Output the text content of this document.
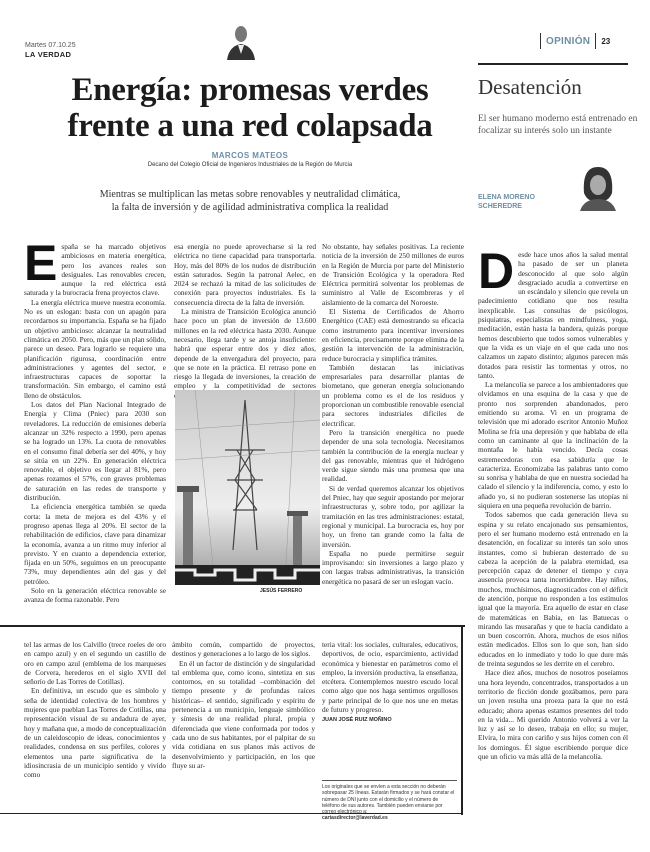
Martes 07.10.25
LA VERDAD
OPINIÓN 23
Energía: promesas verdes
frente a una red colapsada
MARCOS MATEOS
Decano del Colegio Oficial de Ingenieros Industriales de la Región de Murcia
Mientras se multiplican las metas sobre renovables y neutralidad climática,
la falta de inversión y de agilidad administrativa complica la realidad

España se ha marcado objetivos ambiciosos en materia energética, pero los avances reales son desiguales. Las renovables crecen, aunque la red eléctrica está saturada y la burocracia frena proyectos clave.

La energía eléctrica mueve nuestra economía. No es un eslogan: basta con un apagón para recordarnos su importancia. España se ha fijado un objetivo ambicioso: alcanzar la neutralidad climática en 2050. Pero, más que un plan sólido, parece un deseo. Para lograrlo se requiere una planificación rigurosa, coordinación entre administraciones y agentes del sector, e infraestructuras capaces de soportar la transformación. Sin embargo, el camino está lleno de obstáculos.

Los datos del Plan Nacional Integrado de Energía y Clima (Pniec) para 2030 son reveladores. La reducción de emisiones debería alcanzar un 32% respecto a 1990, pero apenas se ha logrado un 13%. La cuota de renovables en el consumo final debería ser del 40%, y hoy se sitúa en un 22%. En generación eléctrica renovable, el objetivo es llegar al 81%, pero apenas rozamos el 57%, con graves problemas de saturación en las redes de transporte y distribución.

La eficiencia energética también se queda corta: la meta de mejora es del 43% y el progreso apenas llega al 20%. El sector de la rehabilitación de edificios, clave para dinamizar la economía, avanza a un ritmo muy inferior al previsto. Y en cuanto a dependencia exterior, fijada en un 50%, seguimos en un preocupante 73%, muy dependientes aún del gas y del petróleo.

Solo en la generación eléctrica renovable se avanza de forma razonable. Pero

esa energía no puede aprovecharse si la red eléctrica no tiene capacidad para transportarla. Hoy, más del 80% de los nudos de distribución están saturados. Según la patronal Aelec, en 2024 se rechazó la mitad de las solicitudes de conexión para proyectos industriales. Es la consecuencia directa de la falta de inversión.

La ministra de Transición Ecológica anunció hace poco un plan de inversión de 13.600 millones en la red eléctrica hasta 2030. Aunque necesario, llega tarde y se antoja insuficiente: habrá que esperar entre dos y diez años, depende de la envergadura del proyecto, para que se note en la práctica. El retraso pone en riesgo la llegada de inversiones, la creación de empleo y la competitividad de sectores

JESÚS FERRERO

No obstante, hay señales positivas. La reciente noticia de la inversión de 250 millones de euros en la Región de Murcia por parte del Ministerio de Transición Ecológica y la operadora Red Eléctrica permitirá solventar los problemas de suministro al Valle de Escombreras y el aislamiento de la comarca del Noroeste.

El Sistema de Certificados de Ahorro Energético (CAE) está demostrando su eficacia como instrumento para incentivar inversiones en eficiencia, precisamente porque elimina de la gestión la intervención de la administración, reduce burocracia y simplifica trámites.

También destacan las iniciativas empresariales para desarrollar plantas de biometano, que generan energía solucionando un problema como es el de los residuos y proporcionan un combustible renovable esencial para sectores industriales difíciles de electrificar.

Pero la transición energética no puede depender de una sola tecnología. Necesitamos también la contribución de la energía nuclear y del gas renovable, mientras que el hidrógeno verde sigue siendo más una promesa que una realidad.

Si de verdad queremos alcanzar los objetivos del Pniec, hay que seguir apostando por mejorar infraestructuras y, sobre todo, por agilizar la tramitación en las tres administraciones: estatal, regional y municipal. La burocracia es, hoy por hoy, un freno tan grande como la falta de inversión.

España no puede permitirse seguir improvisando: sin inversiones a largo plazo y con largas trabas administrativas, la transición energética no pasará de ser un eslogan vacío.

Desatención
El ser humano moderno está entrenado en focalizar su interés solo un instante
ELENA MORENO
SCHEREDRE

Desde hace unos años la salud mental ha pasado de ser un planeta desconocido al que solo algún desgraciado acudía a convertirse en un escándalo y silencio que revela un padecimiento cotidiano que nos resulta inexplicable. Las consultas de psicólogos, psiquiatras, especialistas en mindfulness, yoga, meditación, están hasta la bandera, quizás porque hemos descubierto que todos somos vulnerables y que la vida es un viaje en el que cada uno nos calzamos un zapato distinto; algunos parecen más dotados para resistir las tormentas y otros, no tanto.

La melancolía se parece a los ambientadores que olvidamos en una esquina de la casa y que de pronto nos sorprenden abandonados, pero emitiendo su aroma. Vi en un programa de televisión que mi adorado escritor Antonio Muñoz Molina se fría una depresión y que hablaba de ella como un caminante al que la inclinación de la montaña le había vencido. Decía cosas estremecedoras con esa sabiduría que le caracteriza. Economizaba las palabras tanto como su sonrisa y hablaba de que en nuestra sociedad ha calado el silencio y la indiferencia, como, y esto lo añado yo, si no pudieran sostenerse las utopías ni siquiera en una pequeña revolución de barrio.

Todos sabemos que cada generación lleva su espina y su relato encajonado sus pensamientos, pero el ser humano moderno está entrenado en la desatención, en focalizar su interés tan solo unos instantes, como si hubieran desterrado de su cabeza la acepción de la palabra eternidad, esa percepción capaz de detener el tiempo y cuya ausencia provoca tanta incertidumbre. Hay niños, muchos, muchísimos, diagnosticados con el déficit de atención, porque no responden a los estímulos igual que la mayoría. Era aquello de estar en clase de matemáticas en Babia, en las Batuecas o mirando las musarañas y que te hacía candidato a un buen coscorrón. Ahora, muchos de esos niños están medicados. Ellos son lo que son, han sido educados en lo inmediato y todo lo que dure más de treinta segundos se les derrite en el cerebro.

Hace diez años, muchos de nosotros poseíamos una hora leyendo, concentrados, transportados a un territorio de ficción donde gozábamos, pero para un joven resulta una proeza para la que no está educado; ahora apenas estamos presentes del todo en la vida... Mi querido Antonio volverá a ver la luz y así se lo deseo, trabaja en ello; su mujer, Elvira, lo mira con cariño y sus hijos comen con él los domingos. Él sigue escribiendo porque dice que un oficio va más allá de la melancolía.

tel las armas de los Calvillo (trece roeles de oro en campo azul) y en el segundo un castillo de oro en campo azul (emblema de los marqueses de Corvera, herederos en el siglo XVII del señorío de Las Torres de Cotillas).

En definitiva, un escudo que es símbolo y seña de identidad colectiva de los hombres y mujeres que pueblan Las Torres de Cotillas, una representación visual de su andadura de ayer, hoy y mañana que, a modo de conceptualización de un caleidoscopio de ideas, conocimientos y realidades, condensa en sus perfiles, colores y elementos una parte significativa de la idiosincrasia de un municipio sentido y vivido como

ámbito común, compartido de proyectos, destinos y generaciones a lo largo de los siglos.

En él un factor de distinción y de singularidad tal emblema que, como icono, sintetiza en sus contornos, en su totalidad –combinación del tiempo presente y de profundas raíces históricas– el sentido, significado y espíritu de pertenencia a un municipio, lenguaje simbólico y síntesis de una realidad plural, propia y diferenciada que viene conformada por todos y cada uno de sus habitantes, por el palpitar de su vida cotidiana en sus planos más activos de desenvolvimiento y participación, en los que fluye su ar-

teria vital: los sociales, culturales, educativos, deportivos, de ocio, esparcimiento, actividad económica y bienestar en parámetros como el empleo, la inversión productiva, la enseñanza, etcétera. Contemplemos nuestro escudo local como algo que nos haga sentirnos orgullosos y parte principal de lo que nos une en metas de futuro y progreso.

JUAN JOSÉ RUIZ MOÑINO
Los originales que se envíen a esta sección no deberán sobrepasar 25 líneas. Estarán firmados y se hará constar el número de DNI junto con el domicilio y el número de teléfono de sus autores. También pueden enviarse por correo electrónico a:
cartasdirector@laverdad.es
